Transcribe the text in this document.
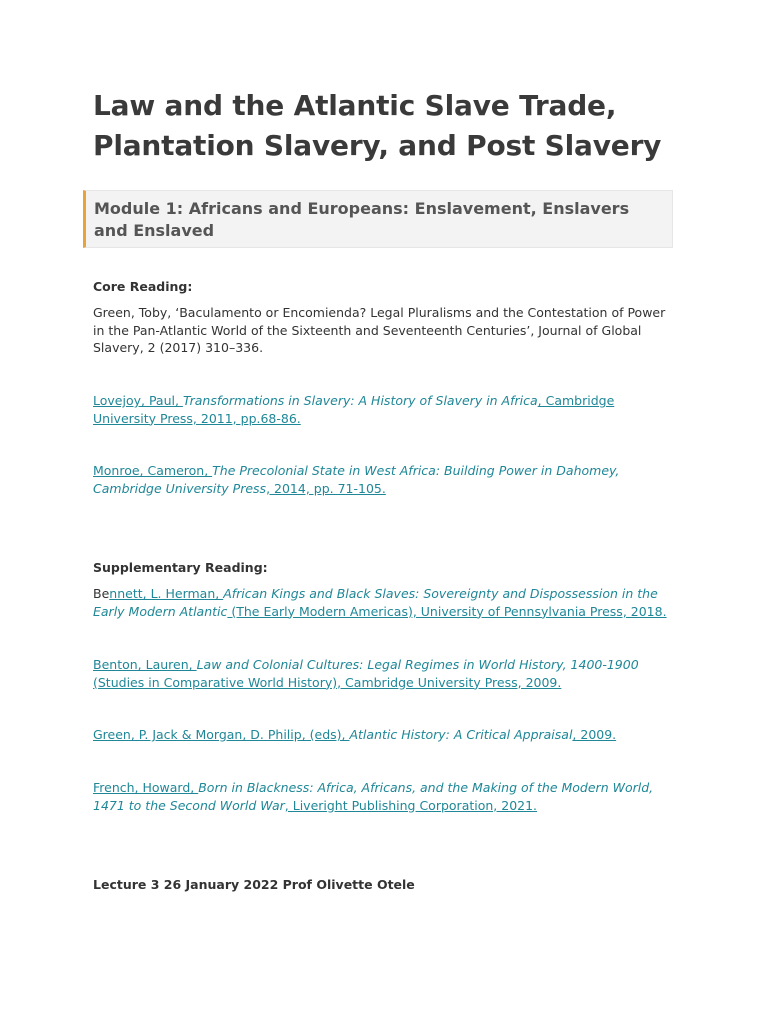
Law and the Atlantic Slave Trade, Plantation Slavery, and Post Slavery
Module 1: Africans and Europeans: Enslavement, Enslavers and Enslaved
Core Reading:
Green, Toby, ‘Baculamento or Encomienda? Legal Pluralisms and the Contestation of Power in the Pan-Atlantic World of the Sixteenth and Seventeenth Centuries’, Journal of Global Slavery, 2 (2017) 310–336.
Lovejoy, Paul, Transformations in Slavery: A History of Slavery in Africa, Cambridge University Press, 2011, pp.68-86.
Monroe, Cameron, The Precolonial State in West Africa: Building Power in Dahomey, Cambridge University Press, 2014, pp. 71-105.
Supplementary Reading:
Bennett, L. Herman, African Kings and Black Slaves: Sovereignty and Dispossession in the Early Modern Atlantic (The Early Modern Americas), University of Pennsylvania Press, 2018.
Benton, Lauren, Law and Colonial Cultures: Legal Regimes in World History, 1400-1900 (Studies in Comparative World History), Cambridge University Press, 2009.
Green, P. Jack & Morgan, D. Philip, (eds), Atlantic History: A Critical Appraisal, 2009.
French, Howard, Born in Blackness: Africa, Africans, and the Making of the Modern World, 1471 to the Second World War, Liveright Publishing Corporation, 2021.
Lecture 3 26 January 2022 Prof Olivette Otele
